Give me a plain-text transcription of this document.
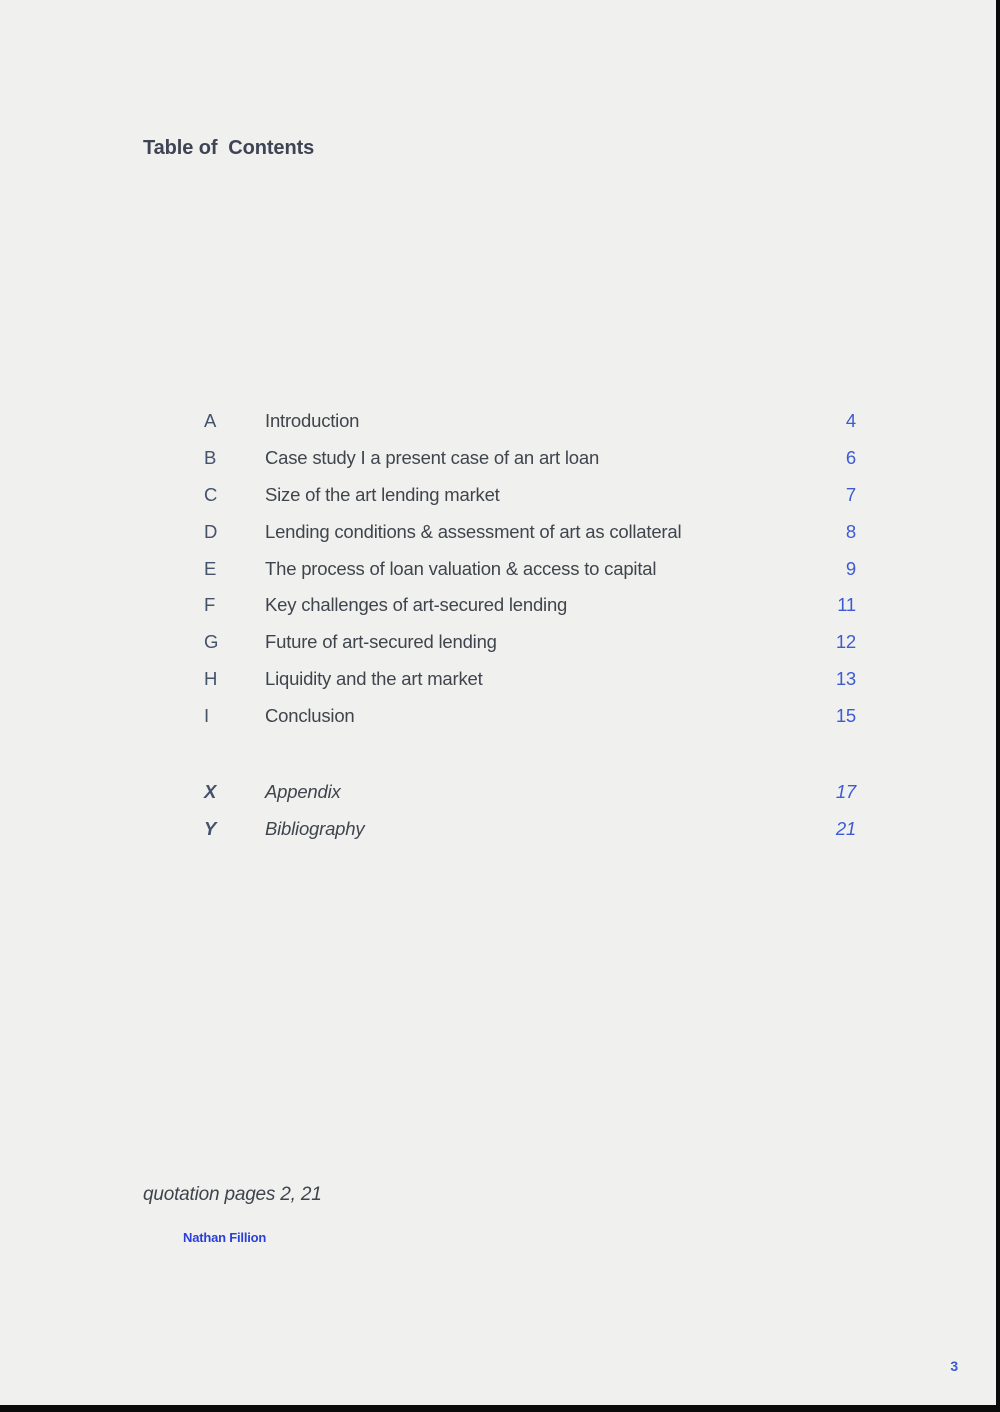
Table of  Contents
A	Introduction	4
B	Case study I a present case of an art loan	6
C	Size of the art lending market	7
D	Lending conditions & assessment of art as collateral	8
E	The process of loan valuation & access to capital	9
F	Key challenges of art-secured lending	11
G	Future of art-secured lending	12
H	Liquidity and the art market	13
I	Conclusion	15
X	Appendix	17
Y	Bibliography	21
quotation pages 2, 21
Nathan Fillion
3
